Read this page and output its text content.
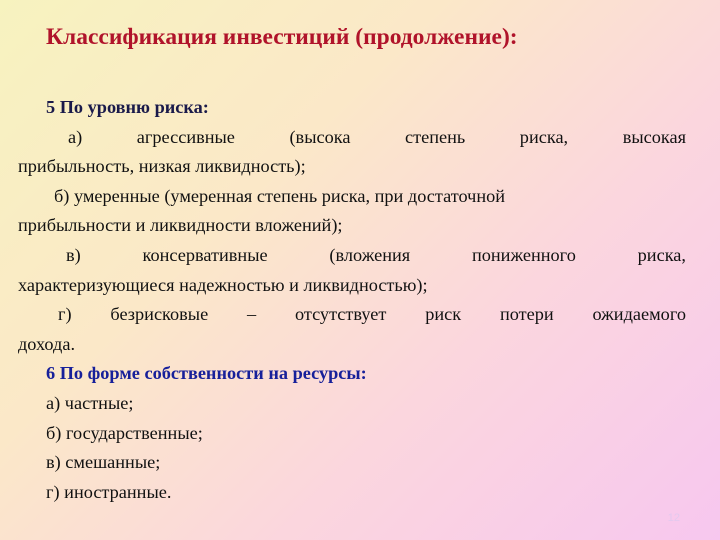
Классификация инвестиций (продолжение):
5 По уровню риска:
а) агрессивные (высока степень риска, высокая
прибыльность, низкая ликвидность);
б) умеренные (умеренная степень риска, при достаточной
прибыльности и ликвидности вложений);
в) консервативные (вложения пониженного риска,
характеризующиеся надежностью и ликвидностью);
г) безрисковые – отсутствует риск потери ожидаемого
дохода.
6 По форме собственности на ресурсы:
а) частные;
б) государственные;
в) смешанные;
г) иностранные.
12
